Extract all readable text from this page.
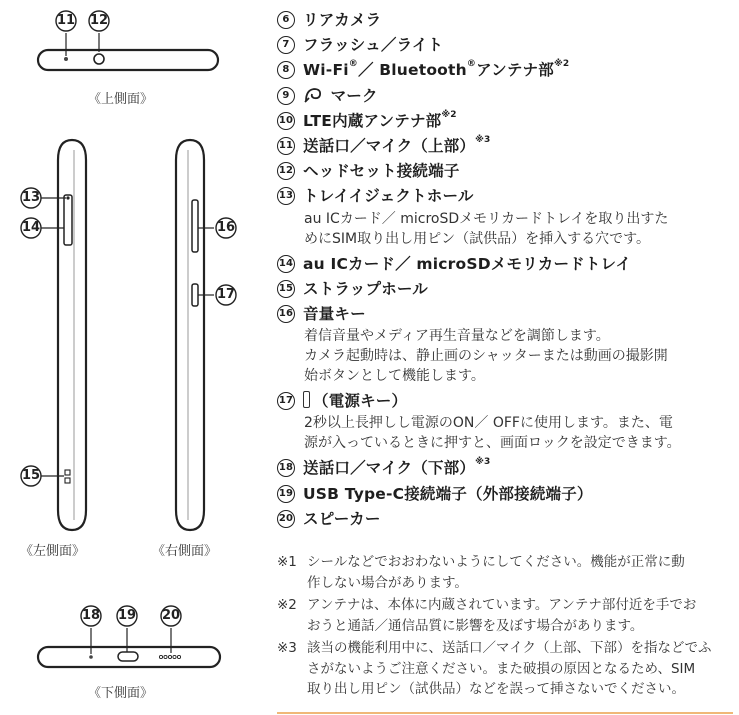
11 12
13
14
15
16
17
18 19 20
《上側面》
《左側面》	《右側面》
《下側面》
6 リアカメラ
7 フラッシュ／ライト
8 Wi-Fi®／ Bluetooth®アンテナ部$^{※2}$
9	マーク
10 LTE内蔵アンテナ部$^{※2}$
11 送話口／マイク（上部）$^{※3}$
12 ヘッドセット接続端子
13 トレイイジェクトホール
au ICカード／ microSDメモリカードトレイを取り出すた
めにSIM取り出し用ピン（試供品）を挿入する穴です。
14 au ICカード／ microSDメモリカードトレイ
15 ストラップホール
16 音量キー
着信音量やメディア再生音量などを調節します。
カメラ起動時は、静止画のシャッターまたは動画の撮影開
始ボタンとして機能します。
17	（電源キー）
2秒以上長押しし電源のON／ OFFに使用します。また、電
源が入っているときに押すと、画面ロックを設定できます。
18 送話口／マイク（下部）$^{※3}$
19 USB Type-C接続端子（外部接続端子）
20 スピーカー
※1 シールなどでおおわないようにしてください。機能が正常に動
作しない場合があります。
※2 アンテナは、本体に内蔵されています。アンテナ部付近を手でお
おうと通話／通信品質に影響を及ぼす場合があります。
※3 該当の機能利用中に、送話口／マイク（上部、下部）を指などでふ
さがないようご注意ください。また破損の原因となるため、SIM
取り出し用ピン（試供品）などを誤って挿さないでください。
